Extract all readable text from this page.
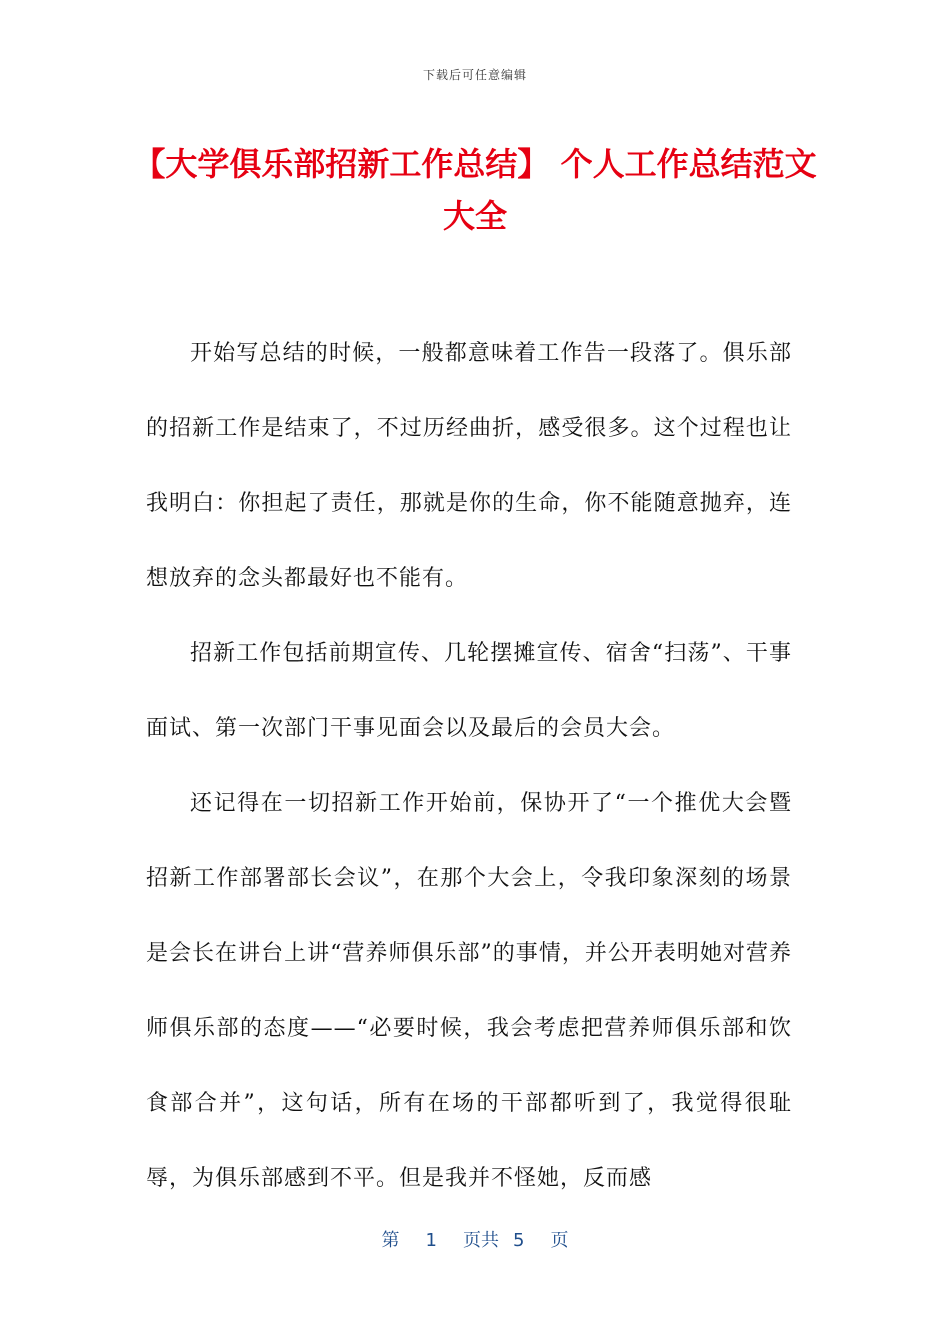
下载后可任意编辑
【大学俱乐部招新工作总结】 个人工作总结范文大全

开始写总结的时候，一般都意味着工作告一段落了。俱乐部的招新工作是结束了，不过历经曲折，感受很多。这个过程也让我明白：你担起了责任，那就是你的生命，你不能随意抛弃，连想放弃的念头都最好也不能有。

招新工作包括前期宣传、几轮摆摊宣传、宿舍“扫荡”、干事面试、第一次部门干事见面会以及最后的会员大会。

还记得在一切招新工作开始前，保协开了“一个推优大会暨招新工作部署部长会议”，在那个大会上，令我印象深刻的场景是会长在讲台上讲“营养师俱乐部”的事情，并公开表明她对营养师俱乐部的态度——“必要时候，我会考虑把营养师俱乐部和饮食部合并”，这句话，所有在场的干部都听到了，我觉得很耻辱，为俱乐部感到不平。但是我并不怪她，反而感

第 1 页共 5 页
